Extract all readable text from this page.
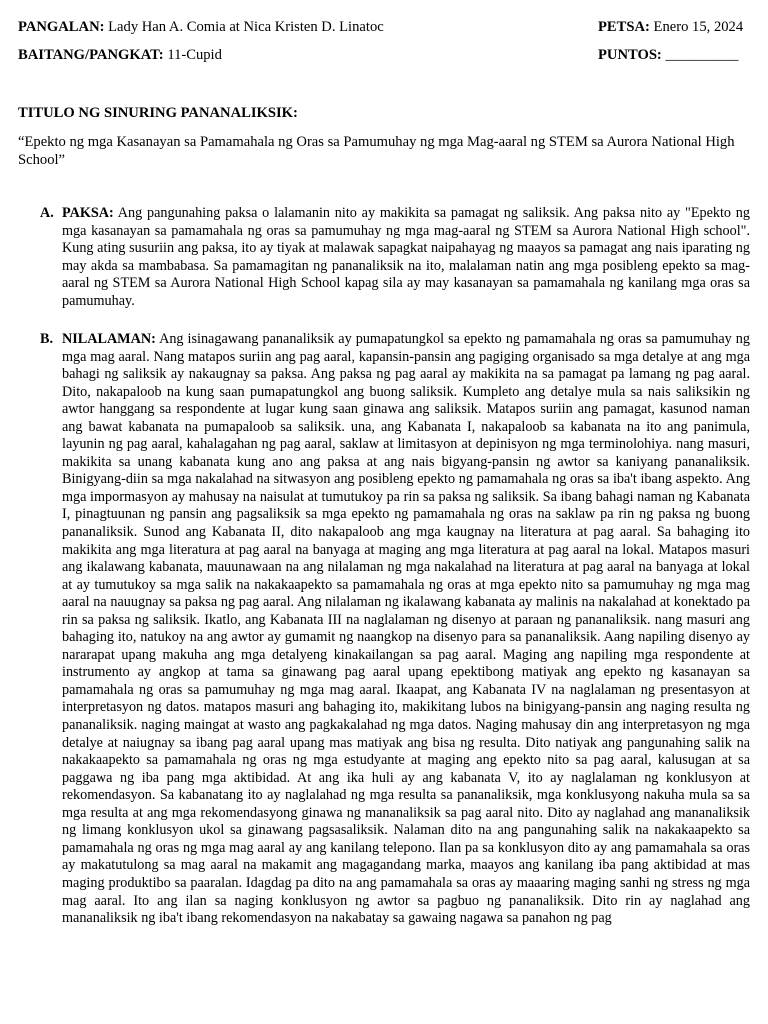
PANGALAN: Lady Han A. Comia at Nica Kristen D. Linatoc	PETSA: Enero 15, 2024
BAITANG/PANGKAT: 11-Cupid	PUNTOS: __________
TITULO NG SINURING PANANALIKSIK:
“Epekto ng mga Kasanayan sa Pamamahala ng Oras sa Pamumuhay ng mga Mag-aaral ng STEM sa Aurora National High School”
A. PAKSA: Ang pangunahing paksa o lalamanin nito ay makikita sa pamagat ng saliksik. Ang paksa nito ay "Epekto ng mga kasanayan sa pamamahala ng oras sa pamumuhay ng mga mag-aaral ng STEM sa Aurora National High school". Kung ating susuriin ang paksa, ito ay tiyak at malawak sapagkat naipahayag ng maayos sa pamagat ang nais iparating ng may akda sa mambabasa. Sa pamamagitan ng pananaliksik na ito, malalaman natin ang mga posibleng epekto sa mag-aaral ng STEM sa Aurora National High School kapag sila ay may kasanayan sa pamamahala ng kanilang mga oras sa pamumuhay.
B. NILALAMAN: Ang isinagawang pananaliksik ay pumapatungkol sa epekto ng pamamahala ng oras sa pamumuhay ng mga mag aaral. Nang matapos suriin ang pag aaral, kapansin-pansin ang pagiging organisado sa mga detalye at ang mga bahagi ng saliksik ay nakaugnay sa paksa. Ang paksa ng pag aaral ay makikita na sa pamagat pa lamang ng pag aaral. Dito, nakapaloob na kung saan pumapatungkol ang buong saliksik. Kumpleto ang detalye mula sa nais saliksikin ng awtor hanggang sa respondente at lugar kung saan ginawa ang saliksik. Matapos suriin ang pamagat, kasunod naman ang bawat kabanata na pumapaloob sa saliksik. una, ang Kabanata I, nakapaloob sa kabanata na ito ang panimula, layunin ng pag aaral, kahalagahan ng pag aaral, saklaw at limitasyon at depinisyon ng mga terminolohiya. nang masuri, makikita sa unang kabanata kung ano ang paksa at ang nais bigyang-pansin ng awtor sa kaniyang pananaliksik. Binigyang-diin sa mga nakalahad na sitwasyon ang posibleng epekto ng pamamahala ng oras sa iba't ibang aspekto. Ang mga impormasyon ay mahusay na naisulat at tumutukoy pa rin sa paksa ng saliksik. Sa ibang bahagi naman ng Kabanata I, pinagtuunan ng pansin ang pagsaliksik sa mga epekto ng pamamahala ng oras na saklaw pa rin ng paksa ng buong pananaliksik. Sunod ang Kabanata II, dito nakapaloob ang mga kaugnay na literatura at pag aaral. Sa bahaging ito makikita ang mga literatura at pag aaral na banyaga at maging ang mga literatura at pag aaral na lokal. Matapos masuri ang ikalawang kabanata, mauunawaan na ang nilalaman ng mga nakalahad na literatura at pag aaral na banyaga at lokal at ay tumutukoy sa mga salik na nakakaapekto sa pamamahala ng oras at mga epekto nito sa pamumuhay ng mga mag aaral na nauugnay sa paksa ng pag aaral. Ang nilalaman ng ikalawang kabanata ay malinis na nakalahad at konektado pa rin sa paksa ng saliksik. Ikatlo, ang Kabanata III na naglalaman ng disenyo at paraan ng pananaliksik. nang masuri ang bahaging ito, natukoy na ang awtor ay gumamit ng naangkop na disenyo para sa pananaliksik. Aang napiling disenyo ay nararapat upang makuha ang mga detalyeng kinakailangan sa pag aaral. Maging ang napiling mga respondente at instrumento ay angkop at tama sa ginawang pag aaral upang epektibong matiyak ang epekto ng kasanayan sa pamamahala ng oras sa pamumuhay ng mga mag aaral. Ikaapat, ang Kabanata IV na naglalaman ng presentasyon at interpretasyon ng datos. matapos masuri ang bahaging ito, makikitang lubos na binigyang-pansin ang naging resulta ng pananaliksik. naging maingat at wasto ang pagkakalahad ng mga datos. Naging mahusay din ang interpretasyon ng mga detalye at naiugnay sa ibang pag aaral upang mas matiyak ang bisa ng resulta. Dito natiyak ang pangunahing salik na nakakaapekto sa pamamahala ng oras ng mga estudyante at maging ang epekto nito sa pag aaral, kalusugan at sa paggawa ng iba pang mga aktibidad. At ang ika huli ay ang kabanata V, ito ay naglalaman ng konklusyon at rekomendasyon. Sa kabanatang ito ay naglalahad ng mga resulta sa pananaliksik, mga konklusyong nakuha mula sa sa mga resulta at ang mga rekomendasyong ginawa ng mananaliksik sa pag aaral nito. Dito ay naglahad ang mananaliksik ng limang konklusyon ukol sa ginawang pagsasaliksik. Nalaman dito na ang pangunahing salik na nakakaapekto sa pamamahala ng oras ng mga mag aaral ay ang kanilang telepono. Ilan pa sa konklusyon dito ay ang pamamahala sa oras ay makatutulong sa mag aaral na makamit ang magagandang marka, maayos ang kanilang iba pang aktibidad at mas maging produktibo sa paaralan. Idagdag pa dito na ang pamamahala sa oras ay maaaring maging sanhi ng stress ng mga mag aaral. Ito ang ilan sa naging konklusyon ng awtor sa pagbuo ng pananaliksik. Dito rin ay naglahad ang mananaliksik ng iba't ibang rekomendasyon na nakabatay sa gawaing nagawa sa panahon ng pag
